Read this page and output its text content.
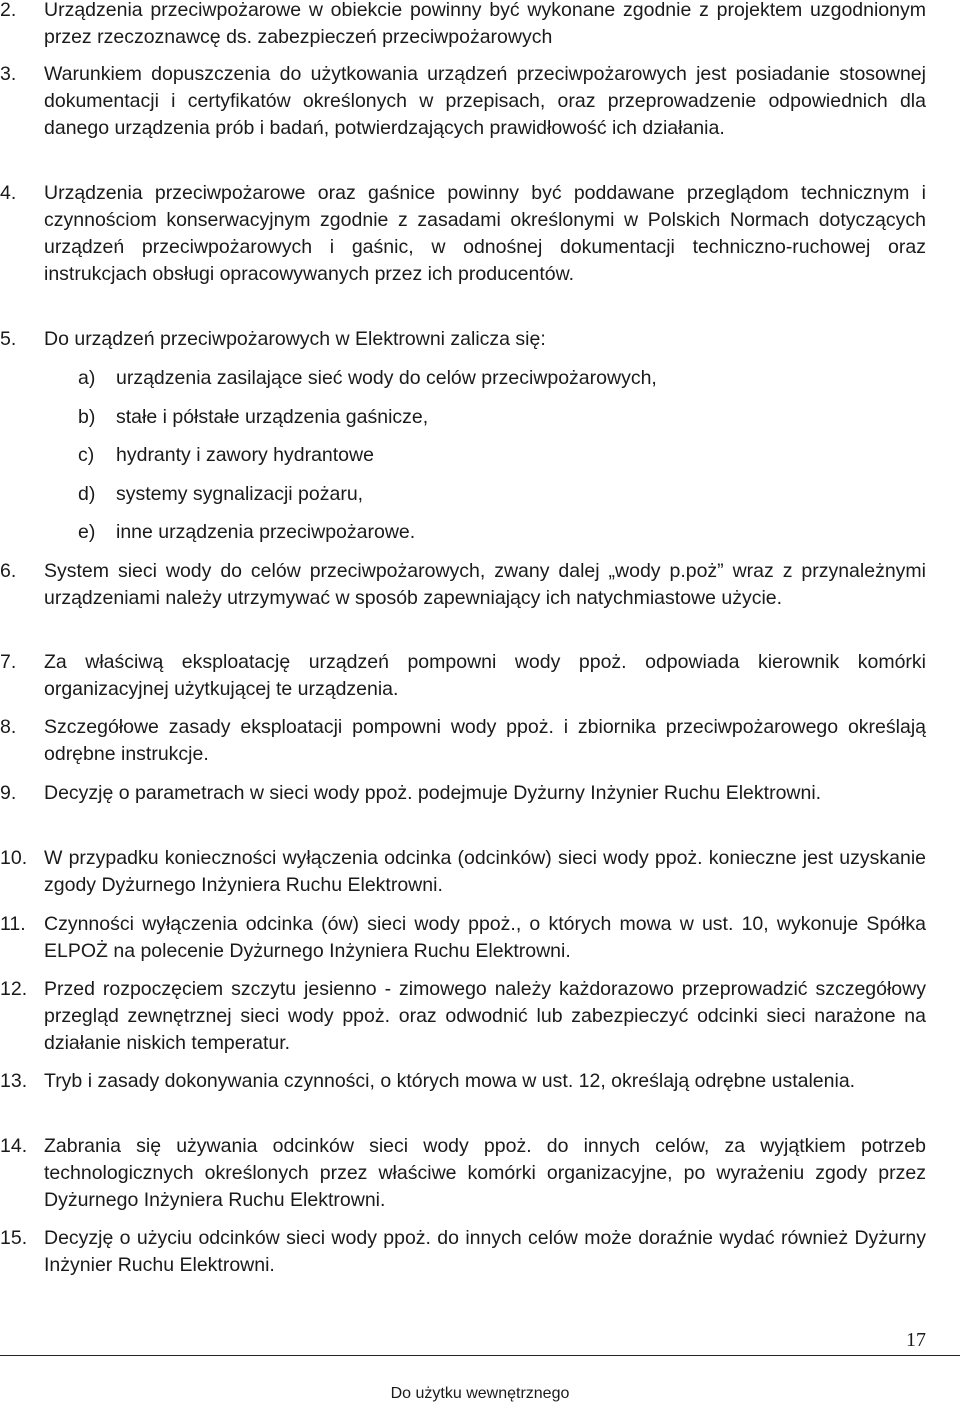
2. Urządzenia przeciwpożarowe w obiekcie powinny być wykonane zgodnie z projektem uzgodnionym przez rzeczoznawcę ds. zabezpieczeń przeciwpożarowych
3. Warunkiem dopuszczenia do użytkowania urządzeń przeciwpożarowych jest posiadanie stosownej dokumentacji i certyfikatów określonych w przepisach, oraz przeprowadzenie odpowiednich dla danego urządzenia prób i badań, potwierdzających prawidłowość ich działania.
4. Urządzenia przeciwpożarowe oraz gaśnice powinny być poddawane przeglądom technicznym i czynnościom konserwacyjnym zgodnie z zasadami określonymi w Polskich Normach dotyczących urządzeń przeciwpożarowych i gaśnic, w odnośnej dokumentacji techniczno-ruchowej oraz instrukcjach obsługi opracowywanych przez ich producentów.
5. Do urządzeń przeciwpożarowych w Elektrowni zalicza się:
a) urządzenia zasilające sieć wody do celów przeciwpożarowych,
b) stałe i półstałe urządzenia gaśnicze,
c) hydranty i zawory hydrantowe
d) systemy sygnalizacji pożaru,
e) inne urządzenia przeciwpożarowe.
6. System sieci wody do celów przeciwpożarowych, zwany dalej „wody p.poż” wraz z przynależnymi urządzeniami należy utrzymywać w sposób zapewniający ich natychmiastowe użycie.
7. Za właściwą eksploatację urządzeń pompowni wody ppoż. odpowiada kierownik komórki organizacyjnej użytkującej te urządzenia.
8. Szczegółowe zasady eksploatacji pompowni wody ppoż. i zbiornika przeciwpożarowego określają odrębne instrukcje.
9. Decyzję o parametrach w sieci wody ppoż. podejmuje Dyżurny Inżynier Ruchu Elektrowni.
10. W przypadku konieczności wyłączenia odcinka (odcinków) sieci wody ppoż. konieczne jest uzyskanie zgody Dyżurnego Inżyniera Ruchu Elektrowni.
11. Czynności wyłączenia odcinka (ów) sieci wody ppoż., o których mowa w ust. 10, wykonuje Spółka ELPOŻ na polecenie Dyżurnego Inżyniera Ruchu Elektrowni.
12. Przed rozpoczęciem szczytu jesienno - zimowego należy każdorazowo przeprowadzić szczegółowy przegląd zewnętrznej sieci wody ppoż. oraz odwodnić lub zabezpieczyć odcinki sieci narażone na działanie niskich temperatur.
13. Tryb i zasady dokonywania czynności, o których mowa w ust. 12, określają odrębne ustalenia.
14. Zabrania się używania odcinków sieci wody ppoż. do innych celów, za wyjątkiem potrzeb technologicznych określonych przez właściwe komórki organizacyjne, po wyrażeniu zgody przez Dyżurnego Inżyniera Ruchu Elektrowni.
15. Decyzję o użyciu odcinków sieci wody ppoż. do innych celów może doraźnie wydać również Dyżurny Inżynier Ruchu Elektrowni.
17
Do użytku wewnętrznego
